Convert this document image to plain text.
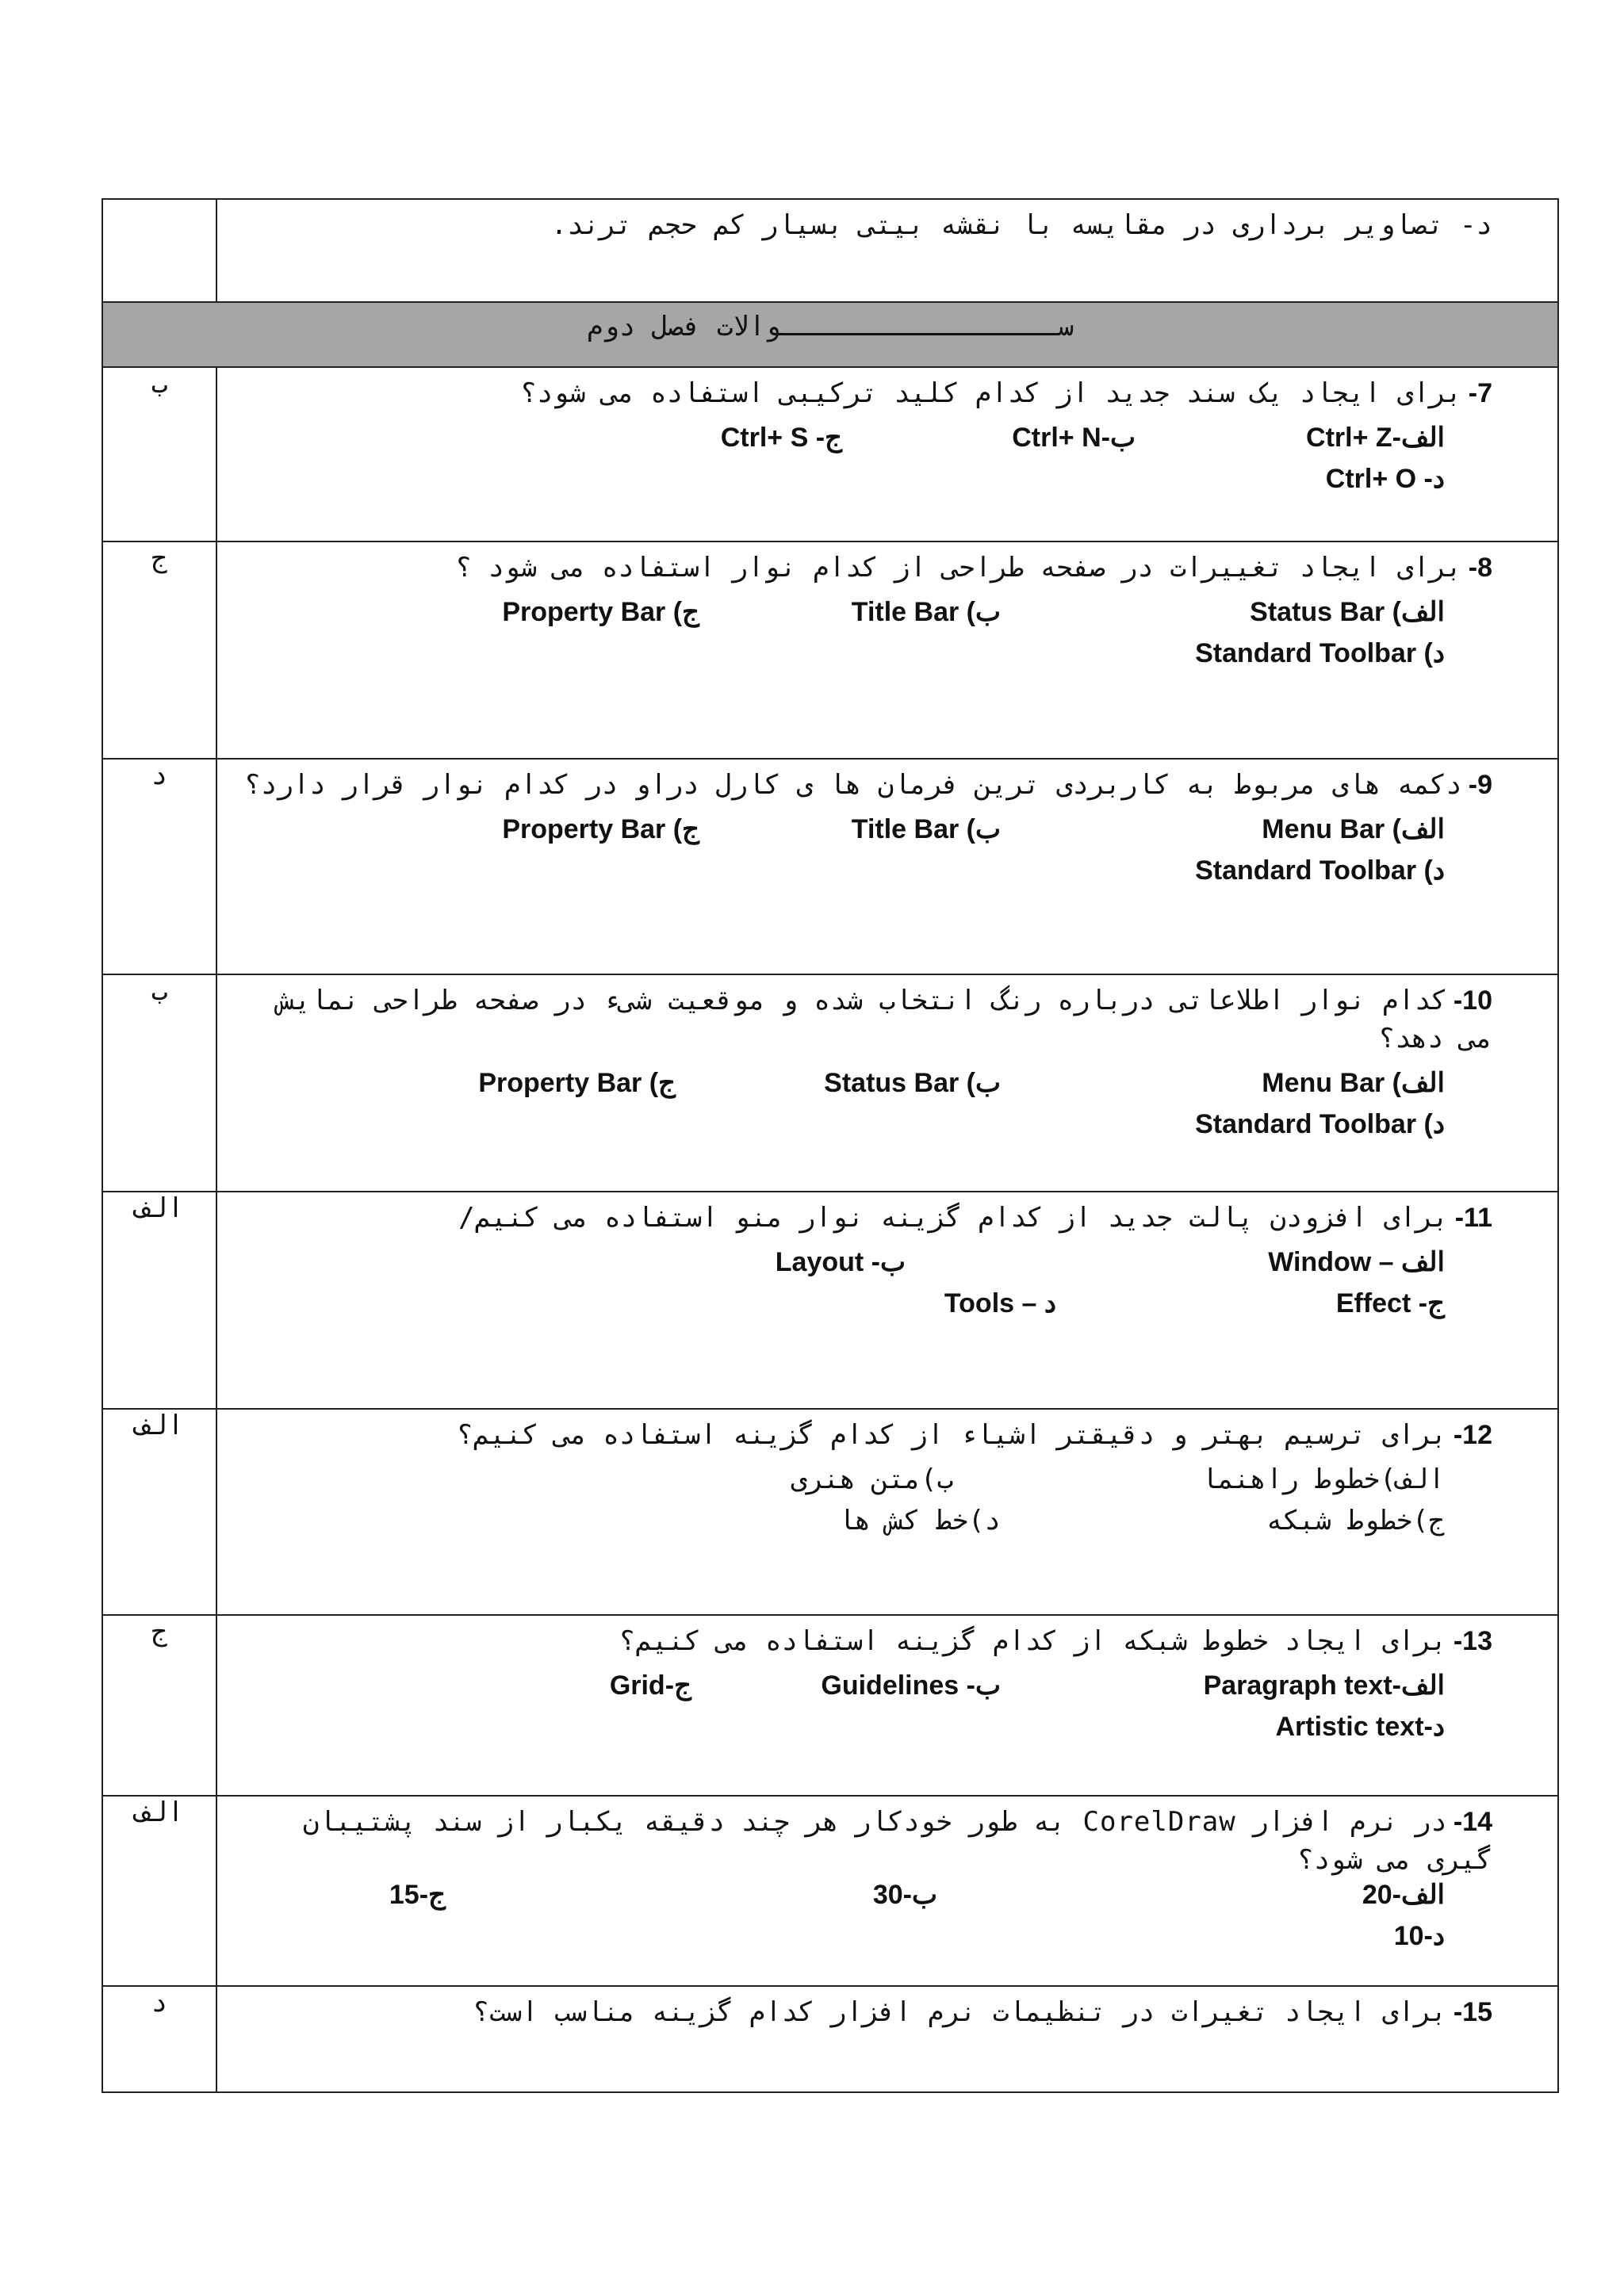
	د- تصاویر برداری در مقایسه با نقشه بیتی بسیار کم حجم ترند.

ســـــــــــــــــوالات فصل دوم	

ب	7-برای ایجاد یک سند جدید از کدام کلید ترکیبی استفاده می شود؟
الف-Ctrl+ Z
ب-Ctrl+ N
ج- Ctrl+ S
د- Ctrl+ O

ج	8-برای ایجاد تغییرات در صفحه طراحی از کدام نوار استفاده می شود ؟
الف) Status Bar
ب) Title Bar
ج) Property Bar
د) Standard Toolbar

د	9-دکمه های مربوط به کاربردی ترین فرمان ها ی کارل دراو در کدام نوار قرار دارد؟
الف) Menu Bar
ب) Title Bar
ج) Property Bar
د) Standard Toolbar

ب	10-کدام نوار اطلاعاتی درباره رنگ انتخاب شده و موقعیت شیء در صفحه طراحی نمایش می دهد؟
الف) Menu Bar
ب) Status Bar
ج) Property Bar
د) Standard Toolbar

الف	11-برای افزودن پالت جدید از کدام گزینه نوار منو استفاده می کنیم/
الف – Window
ب- Layout
ج- Effect
د – Tools

الف	12-برای ترسیم بهتر و دقیقتر اشیاء از کدام گزینه استفاده می کنیم؟
الف)خطوط راهنما
ب)متن هنری
ج)خطوط شبکه
د)خط کش ها

ج	13-برای ایجاد خطوط شبکه از کدام گزینه استفاده می کنیم؟
الف-Paragraph text
ب- Guidelines
ج-Grid
د-Artistic text

الف	14-در نرم افزار CorelDraw به طور خودکار هر چند دقیقه یکبار از سند پشتیبان گیری می شود؟
الف-20
ب-30
ج-15
د-10

د	15-برای ایجاد تغیرات در تنظیمات نرم افزار کدام گزینه مناسب است؟
